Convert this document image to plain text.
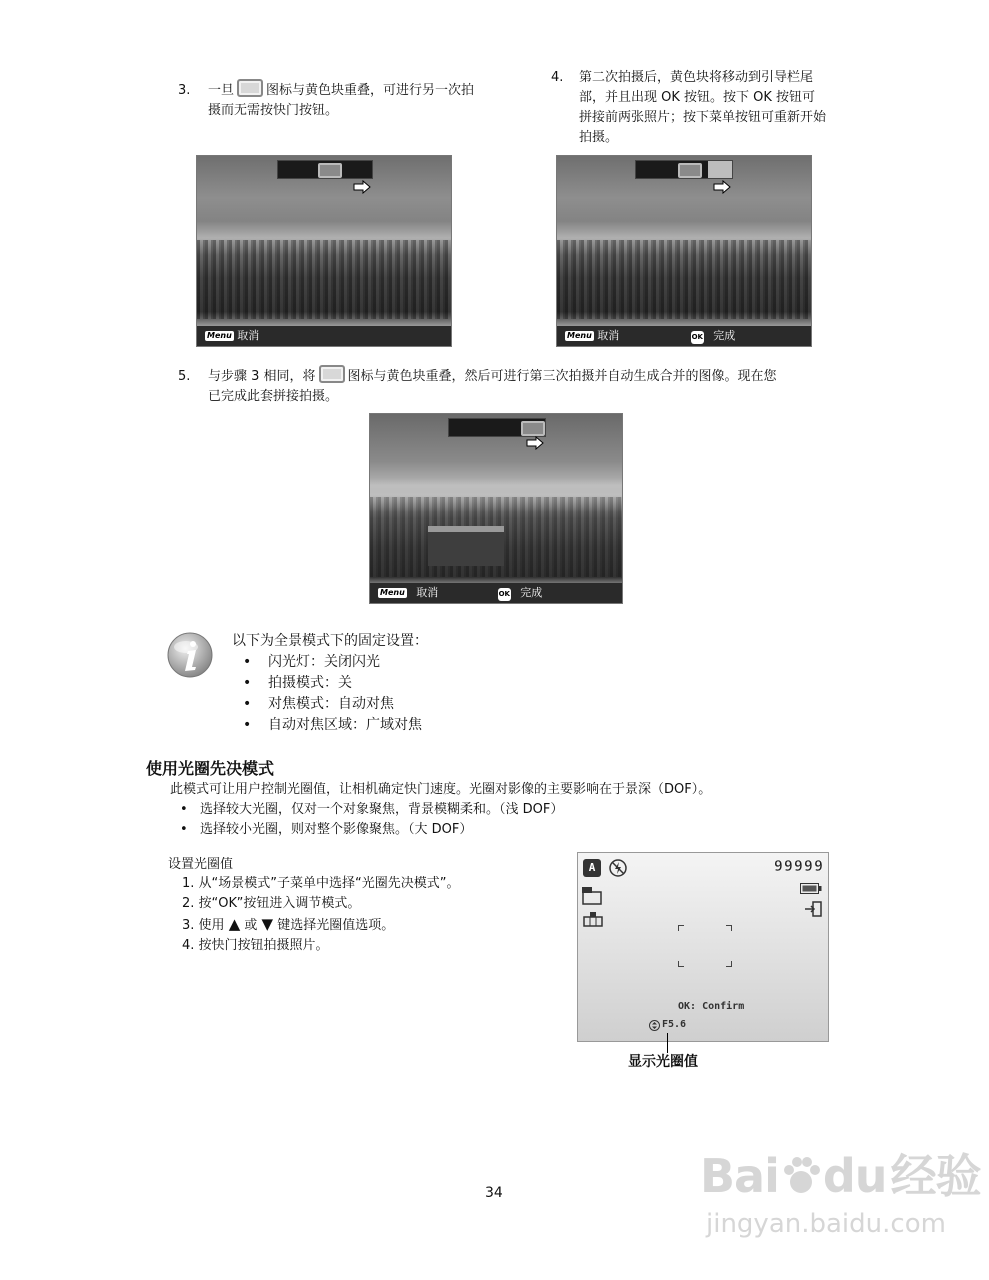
3. 一旦 图标与黄色块重叠，可进行另一次拍
摄而无需按快门按钮。
4. 第二次拍摄后，黄色块将移动到引导栏尾
部，并且出现 OK 按钮。按下 OK 按钮可
拼接前两张照片；按下菜单按钮可重新开始
拍摄。
Menu 取消	Menu 取消	OK 完成
5. 与步骤 3 相同，将 图标与黄色块重叠，然后可进行第三次拍摄并自动生成合并的图像。现在您
已完成此套拼接拍摄。
Menu 取消	OK 完成
以下为全景模式下的固定设置：
• 闪光灯：关闭闪光
• 拍摄模式：关
• 对焦模式：自动对焦
• 自动对焦区域：广域对焦
使用光圈先决模式
此模式可让用户控制光圈值，让相机确定快门速度。光圈对影像的主要影响在于景深（DOF）。
• 选择较大光圈，仅对一个对象聚焦，背景模糊柔和。（浅 DOF）
• 选择较小光圈，则对整个影像聚焦。（大 DOF）
设置光圈值
1. 从“场景模式”子菜单中选择“光圈先决模式”。
2. 按“OK”按钮进入调节模式。
3. 使用 ▲ 或 ▼ 键选择光圈值选项。
4. 按快门按钮拍摄照片。
A	99999
OK: Confirm
F5.6
显示光圈值
34	Bai du经验
jingyan.baidu.com
